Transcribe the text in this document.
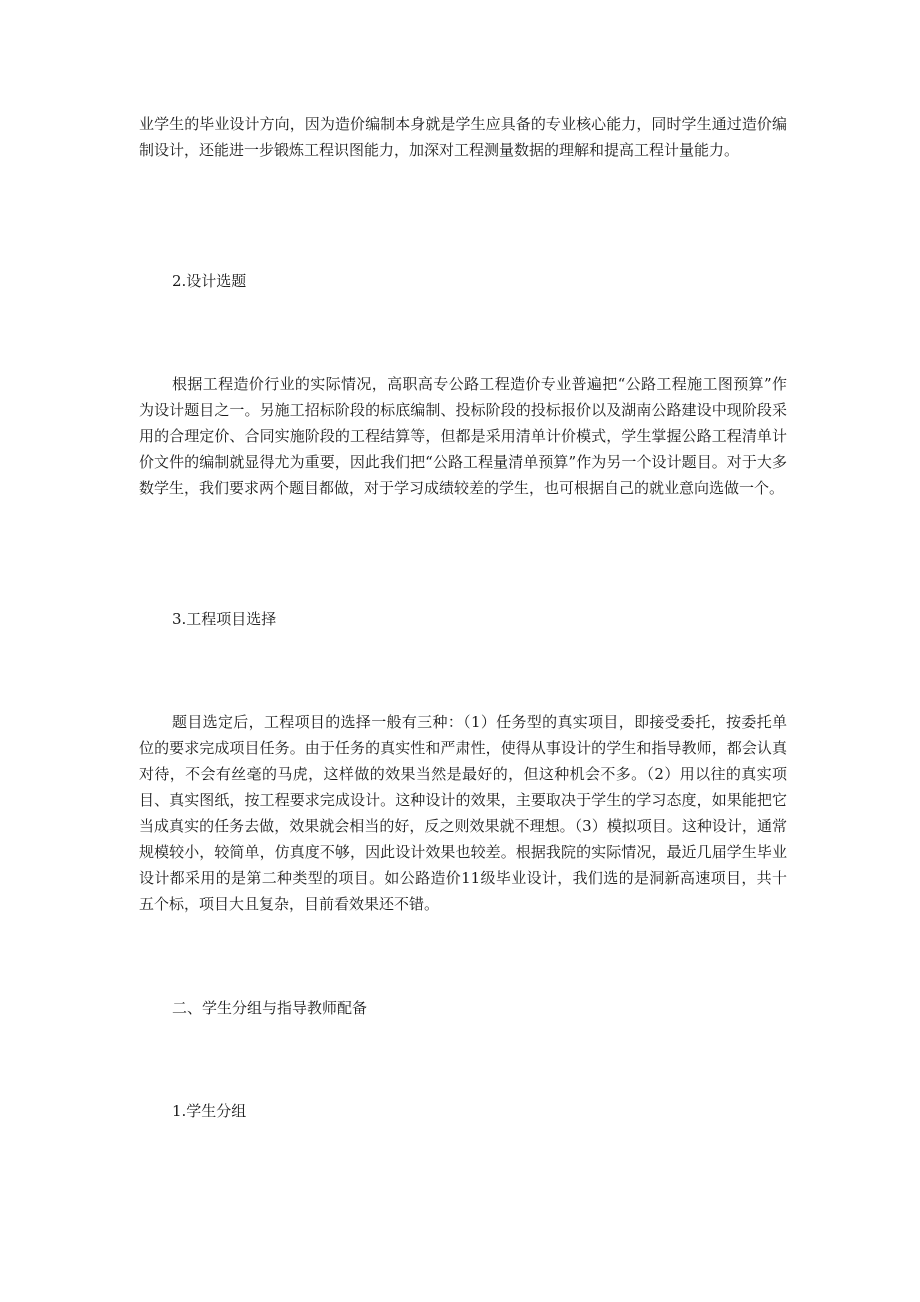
业学生的毕业设计方向，因为造价编制本身就是学生应具备的专业核心能力，同时学生通过造价编制设计，还能进一步锻炼工程识图能力，加深对工程测量数据的理解和提高工程计量能力。

2.设计选题

根据工程造价行业的实际情况，高职高专公路工程造价专业普遍把“公路工程施工图预算”作为设计题目之一。另施工招标阶段的标底编制、投标阶段的投标报价以及湖南公路建设中现阶段采用的合理定价、合同实施阶段的工程结算等，但都是采用清单计价模式，学生掌握公路工程清单计价文件的编制就显得尤为重要，因此我们把“公路工程量清单预算”作为另一个设计题目。对于大多数学生，我们要求两个题目都做，对于学习成绩较差的学生，也可根据自己的就业意向选做一个。

3.工程项目选择

题目选定后，工程项目的选择一般有三种：（1）任务型的真实项目，即接受委托，按委托单位的要求完成项目任务。由于任务的真实性和严肃性，使得从事设计的学生和指导教师，都会认真对待，不会有丝毫的马虎，这样做的效果当然是最好的，但这种机会不多。（2）用以往的真实项目、真实图纸，按工程要求完成设计。这种设计的效果，主要取决于学生的学习态度，如果能把它当成真实的任务去做，效果就会相当的好，反之则效果就不理想。（3）模拟项目。这种设计，通常规模较小，较简单，仿真度不够，因此设计效果也较差。根据我院的实际情况，最近几届学生毕业设计都采用的是第二种类型的项目。如公路造价11级毕业设计，我们选的是洞新高速项目，共十五个标，项目大且复杂，目前看效果还不错。

二、学生分组与指导教师配备

1.学生分组
